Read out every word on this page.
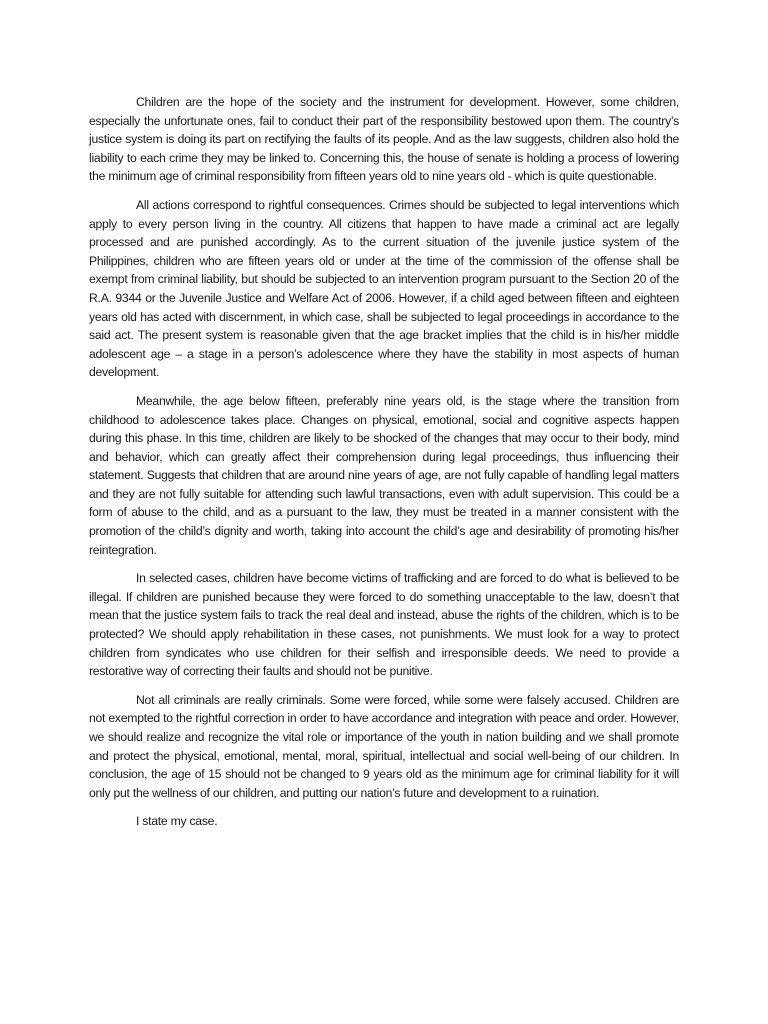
Children are the hope of the society and the instrument for development. However, some children, especially the unfortunate ones, fail to conduct their part of the responsibility bestowed upon them. The country’s justice system is doing its part on rectifying the faults of its people. And as the law suggests, children also hold the liability to each crime they may be linked to. Concerning this, the house of senate is holding a process of lowering the minimum age of criminal responsibility from fifteen years old to nine years old - which is quite questionable.

All actions correspond to rightful consequences. Crimes should be subjected to legal interventions which apply to every person living in the country. All citizens that happen to have made a criminal act are legally processed and are punished accordingly. As to the current situation of the juvenile justice system of the Philippines, children who are fifteen years old or under at the time of the commission of the offense shall be exempt from criminal liability, but should be subjected to an intervention program pursuant to the Section 20 of the R.A. 9344 or the Juvenile Justice and Welfare Act of 2006. However, if a child aged between fifteen and eighteen years old has acted with discernment, in which case, shall be subjected to legal proceedings in accordance to the said act. The present system is reasonable given that the age bracket implies that the child is in his/her middle adolescent age – a stage in a person’s adolescence where they have the stability in most aspects of human development.

Meanwhile, the age below fifteen, preferably nine years old, is the stage where the transition from childhood to adolescence takes place. Changes on physical, emotional, social and cognitive aspects happen during this phase. In this time, children are likely to be shocked of the changes that may occur to their body, mind and behavior, which can greatly affect their comprehension during legal proceedings, thus influencing their statement. Suggests that children that are around nine years of age, are not fully capable of handling legal matters and they are not fully suitable for attending such lawful transactions, even with adult supervision. This could be a form of abuse to the child, and as a pursuant to the law, they must be treated in a manner consistent with the promotion of the child’s dignity and worth, taking into account the child’s age and desirability of promoting his/her reintegration.

In selected cases, children have become victims of trafficking and are forced to do what is believed to be illegal. If children are punished because they were forced to do something unacceptable to the law, doesn’t that mean that the justice system fails to track the real deal and instead, abuse the rights of the children, which is to be protected? We should apply rehabilitation in these cases, not punishments. We must look for a way to protect children from syndicates who use children for their selfish and irresponsible deeds. We need to provide a restorative way of correcting their faults and should not be punitive.

Not all criminals are really criminals. Some were forced, while some were falsely accused. Children are not exempted to the rightful correction in order to have accordance and integration with peace and order. However, we should realize and recognize the vital role or importance of the youth in nation building and we shall promote and protect the physical, emotional, mental, moral, spiritual, intellectual and social well-being of our children. In conclusion, the age of 15 should not be changed to 9 years old as the minimum age for criminal liability for it will only put the wellness of our children, and putting our nation’s future and development to a ruination.

I state my case.
